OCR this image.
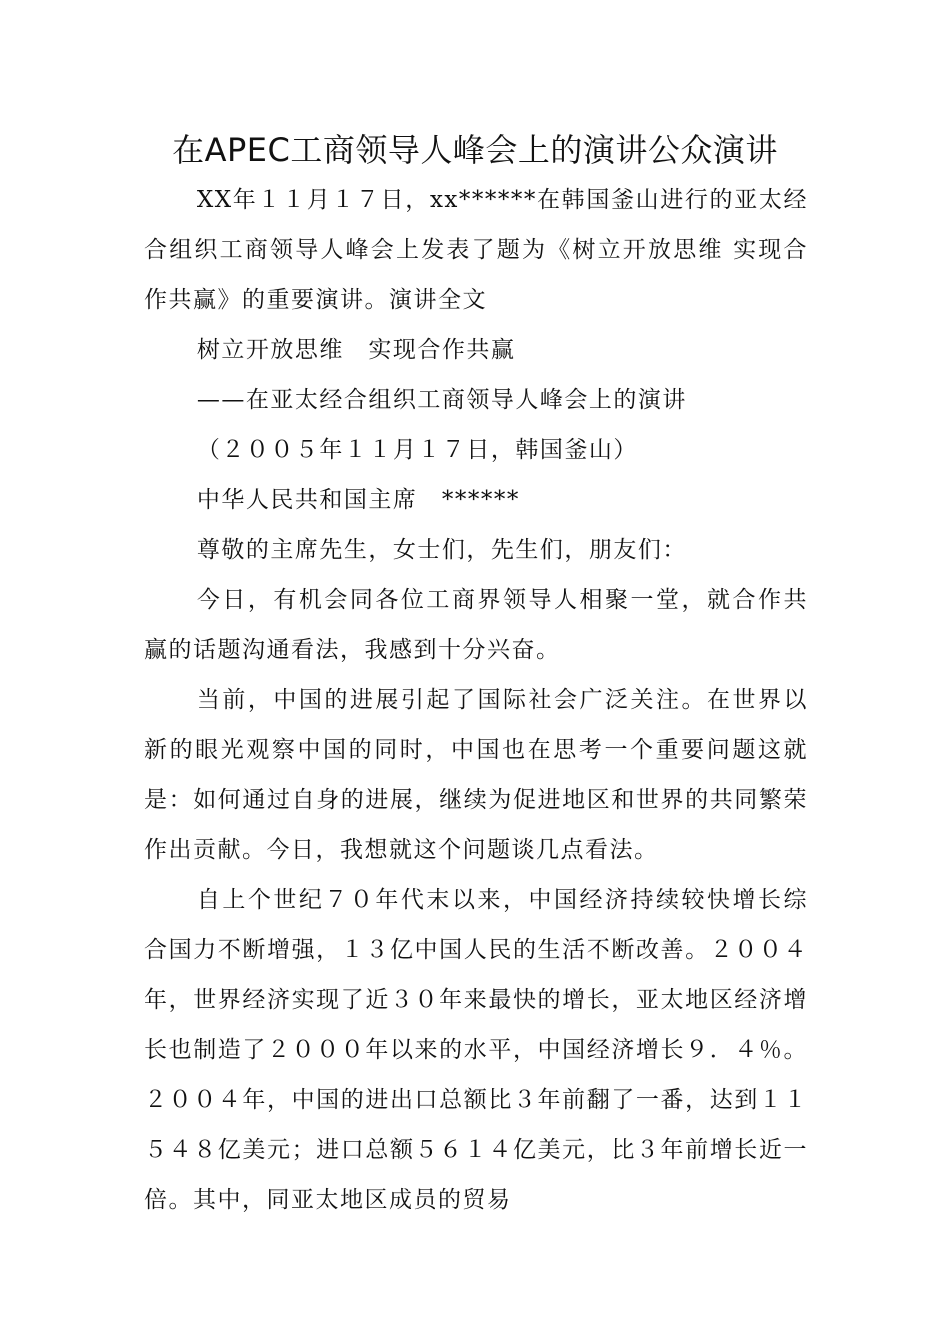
在APEC工商领导人峰会上的演讲公众演讲

XX年１１月１７日，xx******在韩国釜山进行的亚太经合组织工商领导人峰会上发表了题为《树立开放思维 实现合作共赢》的重要演讲。演讲全文

树立开放思维　实现合作共赢

——在亚太经合组织工商领导人峰会上的演讲

（２００５年１１月１７日，韩国釜山）

中华人民共和国主席　******

尊敬的主席先生，女士们，先生们，朋友们：

今日，有机会同各位工商界领导人相聚一堂，就合作共赢的话题沟通看法，我感到十分兴奋。

当前，中国的进展引起了国际社会广泛关注。在世界以新的眼光观察中国的同时，中国也在思考一个重要问题这就是：如何通过自身的进展，继续为促进地区和世界的共同繁荣作出贡献。今日，我想就这个问题谈几点看法。

自上个世纪７０年代末以来，中国经济持续较快增长综合国力不断增强，１３亿中国人民的生活不断改善。２００４年，世界经济实现了近３０年来最快的增长，亚太地区经济增长也制造了２０００年以来的水平，中国经济增长９．４％。２００４年，中国的进出口总额比３年前翻了一番，达到１１５４８亿美元；进口总额５６１４亿美元，比３年前增长近一倍。其中，同亚太地区成员的贸易
